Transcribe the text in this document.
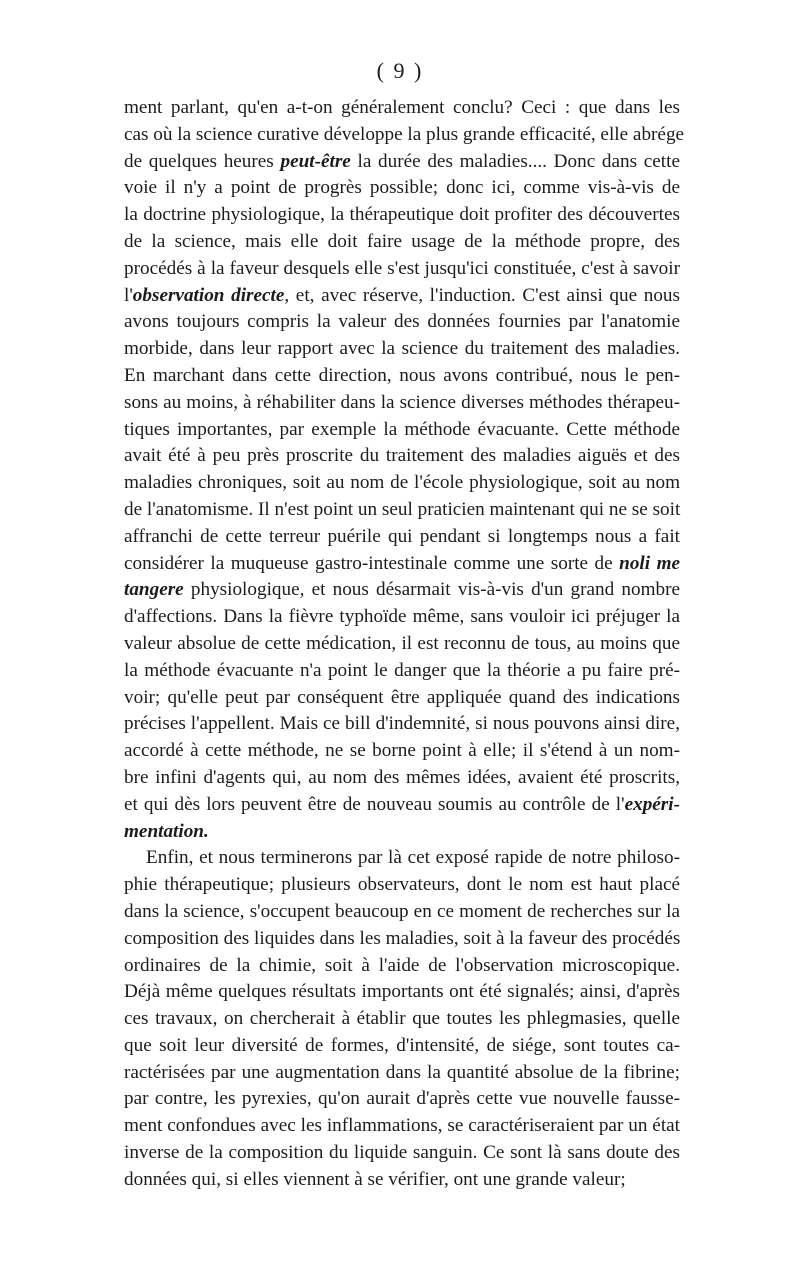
( 9 )
ment parlant, qu'en a-t-on généralement conclu? Ceci : que dans les
cas où la science curative développe la plus grande efficacité, elle abrége
de quelques heures peut-être la durée des maladies.... Donc dans cette
voie il n'y a point de progrès possible; donc ici, comme vis-à-vis de
la doctrine physiologique, la thérapeutique doit profiter des découvertes
de la science, mais elle doit faire usage de la méthode propre, des
procédés à la faveur desquels elle s'est jusqu'ici constituée, c'est à savoir
l'observation directe, et, avec réserve, l'induction. C'est ainsi que nous
avons toujours compris la valeur des données fournies par l'anatomie
morbide, dans leur rapport avec la science du traitement des maladies.
En marchant dans cette direction, nous avons contribué, nous le pen-
sons au moins, à réhabiliter dans la science diverses méthodes thérapeu-
tiques importantes, par exemple la méthode évacuante. Cette méthode
avait été à peu près proscrite du traitement des maladies aiguës et des
maladies chroniques, soit au nom de l'école physiologique, soit au nom
de l'anatomisme. Il n'est point un seul praticien maintenant qui ne se soit
affranchi de cette terreur puérile qui pendant si longtemps nous a fait
considérer la muqueuse gastro-intestinale comme une sorte de noli me
tangere physiologique, et nous désarmait vis-à-vis d'un grand nombre
d'affections. Dans la fièvre typhoïde même, sans vouloir ici préjuger la
valeur absolue de cette médication, il est reconnu de tous, au moins que
la méthode évacuante n'a point le danger que la théorie a pu faire pré-
voir; qu'elle peut par conséquent être appliquée quand des indications
précises l'appellent. Mais ce bill d'indemnité, si nous pouvons ainsi dire,
accordé à cette méthode, ne se borne point à elle; il s'étend à un nom-
bre infini d'agents qui, au nom des mêmes idées, avaient été proscrits,
et qui dès lors peuvent être de nouveau soumis au contrôle de l'expéri-
mentation.
Enfin, et nous terminerons par là cet exposé rapide de notre philoso-
phie thérapeutique; plusieurs observateurs, dont le nom est haut placé
dans la science, s'occupent beaucoup en ce moment de recherches sur la
composition des liquides dans les maladies, soit à la faveur des procédés
ordinaires de la chimie, soit à l'aide de l'observation microscopique.
Déjà même quelques résultats importants ont été signalés; ainsi, d'après
ces travaux, on chercherait à établir que toutes les phlegmasies, quelle
que soit leur diversité de formes, d'intensité, de siége, sont toutes ca-
ractérisées par une augmentation dans la quantité absolue de la fibrine;
par contre, les pyrexies, qu'on aurait d'après cette vue nouvelle fausse-
ment confondues avec les inflammations, se caractériseraient par un état
inverse de la composition du liquide sanguin. Ce sont là sans doute des
données qui, si elles viennent à se vérifier, ont une grande valeur;
